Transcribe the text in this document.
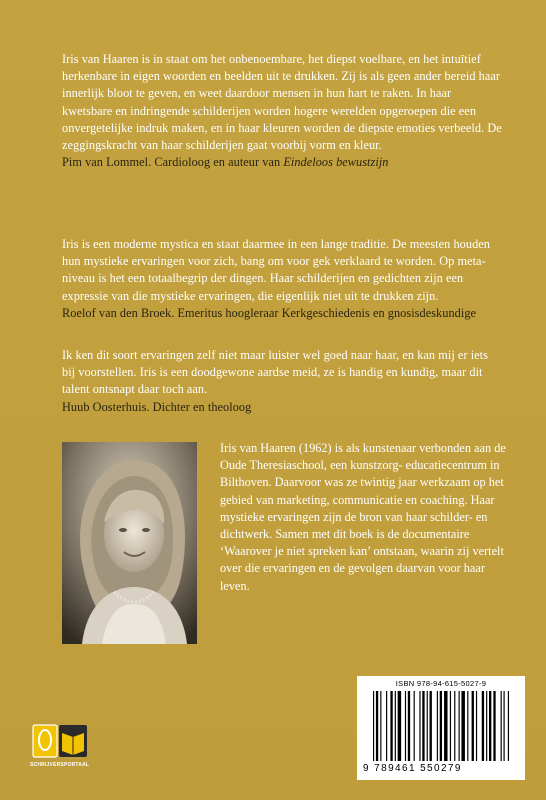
Iris van Haaren is in staat om het onbenoembare, het diepst voelbare, en het intuïtief herkenbare in eigen woorden en beelden uit te drukken. Zij is als geen ander bereid haar innerlijk bloot te geven, en weet daardoor mensen in hun hart te raken. In haar kwetsbare en indringende schilderijen worden hogere werelden opgeroepen die een onvergetelijke indruk maken, en in haar kleuren worden de diepste emoties verbeeld. De zeggingskracht van haar schilderijen gaat voorbij vorm en kleur.

Pim van Lommel. Cardioloog en auteur van Eindeloos bewustzijn

Iris is een moderne mystica en staat daarmee in een lange traditie. De meesten houden hun mystieke ervaringen voor zich, bang om voor gek verklaard te worden. Op meta-niveau is het een totaalbegrip der dingen. Haar schilderijen en gedichten zijn een expressie van die mystieke ervaringen, die eigenlijk niet uit te drukken zijn.

Roelof van den Broek. Emeritus hoogleraar Kerkgeschiedenis en gnosisdeskundige

Ik ken dit soort ervaringen zelf niet maar luister wel goed naar haar, en kan mij er iets bij voorstellen. Iris is een doodgewone aardse meid, ze is handig en kundig, maar dit talent ontsnapt daar toch aan.

Huub Oosterhuis. Dichter en theoloog

Iris van Haaren (1962) is als kunstenaar verbonden aan de Oude Theresiaschool, een kunstzorg- educatiecentrum in Bilthoven. Daarvoor was ze twintig jaar werkzaam op het gebied van marketing, communicatie en coaching. Haar mystieke ervaringen zijn de bron van haar schilder- en dichtwerk. Samen met dit boek is de documentaire ‘Waarover je niet spreken kan’ ontstaan, waarin zij vertelt over die ervaringen en de gevolgen daarvan voor haar leven.

ISBN 978-94-615-5027-9
9 789461 550279
SCHRIJVERSPORTAAL
